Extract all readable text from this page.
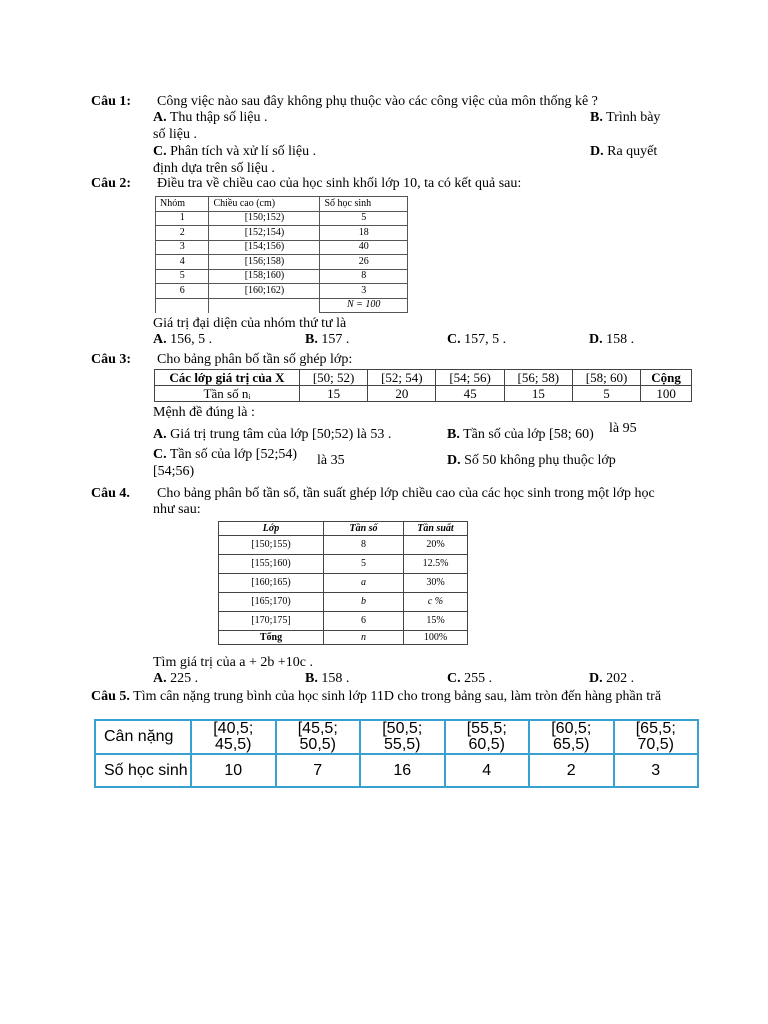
Câu 1: Công việc nào sau đây không phụ thuộc vào các công việc của môn thống kê ?
A. Thu thập số liệu .	B. Trình bày
số liệu .
C. Phân tích và xử lí số liệu .	D. Ra quyết
định dựa trên số liệu .
Câu 2: Điều tra về chiều cao của học sinh khối lớp 10, ta có kết quả sau:
Nhóm	Chiều cao (cm)	Số học sinh
1	[150;152)	5
2	[152;154)	18
3	[154;156)	40
4	[156;158)	26
5	[158;160)	8
6	[160;162)	3
		N = 100
Giá trị đại diện của nhóm thứ tư là
A. 156, 5 .	B. 157 .	C. 157, 5 .	D. 158 .
Câu 3: Cho bảng phân bố tần số ghép lớp:
Các lớp giá trị của X	[50; 52)	[52; 54)	[54; 56)	[56; 58)	[58; 60)	Cộng
Tần số nᵢ	15	20	45	15	5	100
Mệnh đề đúng là :
A. Giá trị trung tâm của lớp [50;52) là 53 .	B. Tần số của lớp [58; 60) là 95
C. Tần số của lớp [52;54) là 35	D. Số 50 không phụ thuộc lớp
[54;56)
Câu 4. Cho bảng phân bố tần số, tần suất ghép lớp chiều cao của các học sinh trong một lớp học
như sau:
Lớp	Tần số	Tần suất
[150;155)	8	20%
[155;160)	5	12.5%
[160;165)	a	30%
[165;170)	b	c %
[170;175]	6	15%
Tổng	n	100%
Tìm giá trị của a + 2b +10c .
A. 225 .	B. 158 .	C. 255 .	D. 202 .
Câu 5. Tìm cân nặng trung bình của học sinh lớp 11D cho trong bảng sau, làm tròn đến hàng phần tră
Cân nặng	[40,5; 45,5)	[45,5; 50,5)	[50,5; 55,5)	[55,5; 60,5)	[60,5; 65,5)	[65,5; 70,5)
Số học sinh	10	7	16	4	2	3
